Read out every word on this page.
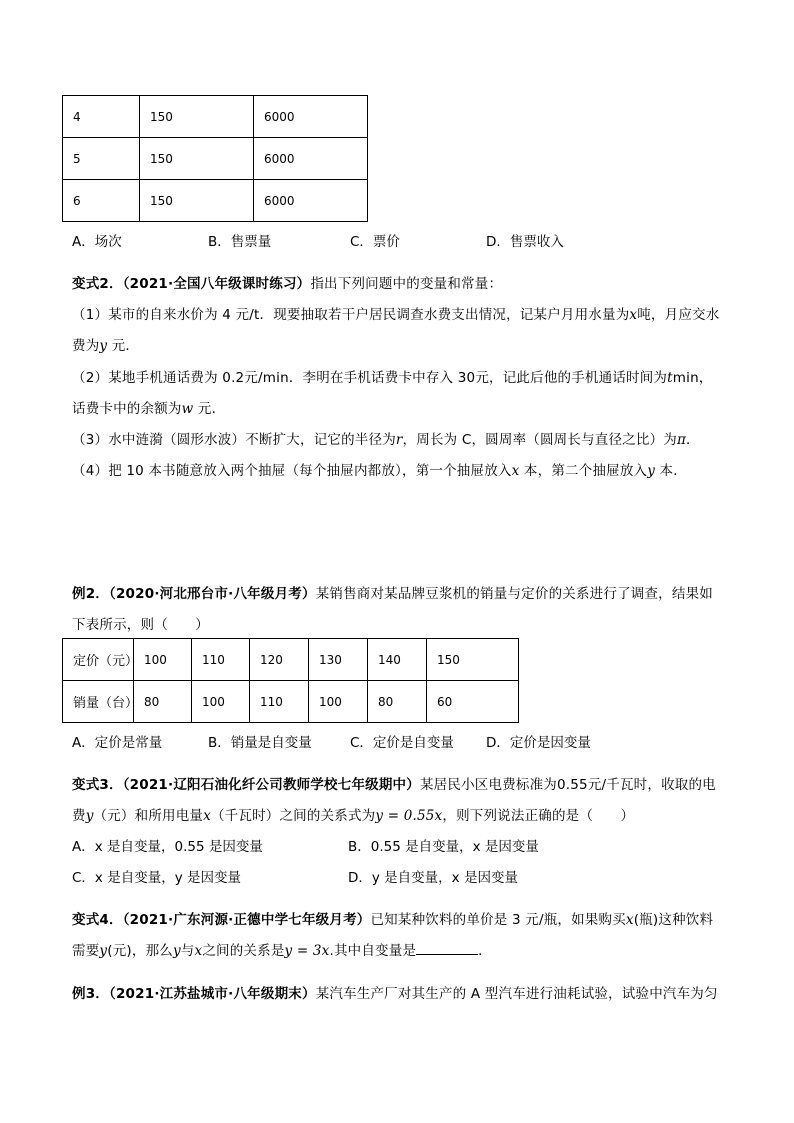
4	150	6000
5	150	6000
6	150	6000
A．场次	B．售票量	C．票价	D．售票收入
变式2．（2021·全国八年级课时练习）指出下列问题中的变量和常量：
（1）某市的自来水价为 4 元/t．现要抽取若干户居民调查水费支出情况，记某户月用水量为x吨，月应交水
费为y 元．
（2）某地手机通话费为 0.2元/min．李明在手机话费卡中存入 30元，记此后他的手机通话时间为tmin，
话费卡中的余额为w 元．
（3）水中涟漪（圆形水波）不断扩大，记它的半径为r，周长为 C，圆周率（圆周长与直径之比）为π．
（4）把 10 本书随意放入两个抽屉（每个抽屉内都放），第一个抽屉放入x 本，第二个抽屉放入y 本．
例2．（2020·河北邢台市·八年级月考）某销售商对某品牌豆浆机的销量与定价的关系进行了调查，结果如
下表所示，则（　　）
定价（元）	100	110	120	130	140	150
销量（台）	80	100	110	100	80	60
A．定价是常量	B．销量是自变量	C．定价是自变量 D．定价是因变量
变式3．（2021·辽阳石油化纤公司教师学校七年级期中）某居民小区电费标准为0.55元/千瓦时，收取的电
费y（元）和所用电量x（千瓦时）之间的关系式为y = 0.55x，则下列说法正确的是（　　）
A．x 是自变量，0.55 是因变量	B．0.55 是自变量，x 是因变量
C．x 是自变量，y 是因变量	D．y 是自变量，x 是因变量
变式4．（2021·广东河源·正德中学七年级月考）已知某种饮料的单价是 3 元/瓶，如果购买x(瓶)这种饮料
需要y(元)，那么y与x之间的关系是y = 3x.其中自变量是	．
例3．（2021·江苏盐城市·八年级期末）某汽车生产厂对其生产的 A 型汽车进行油耗试验，试验中汽车为匀
